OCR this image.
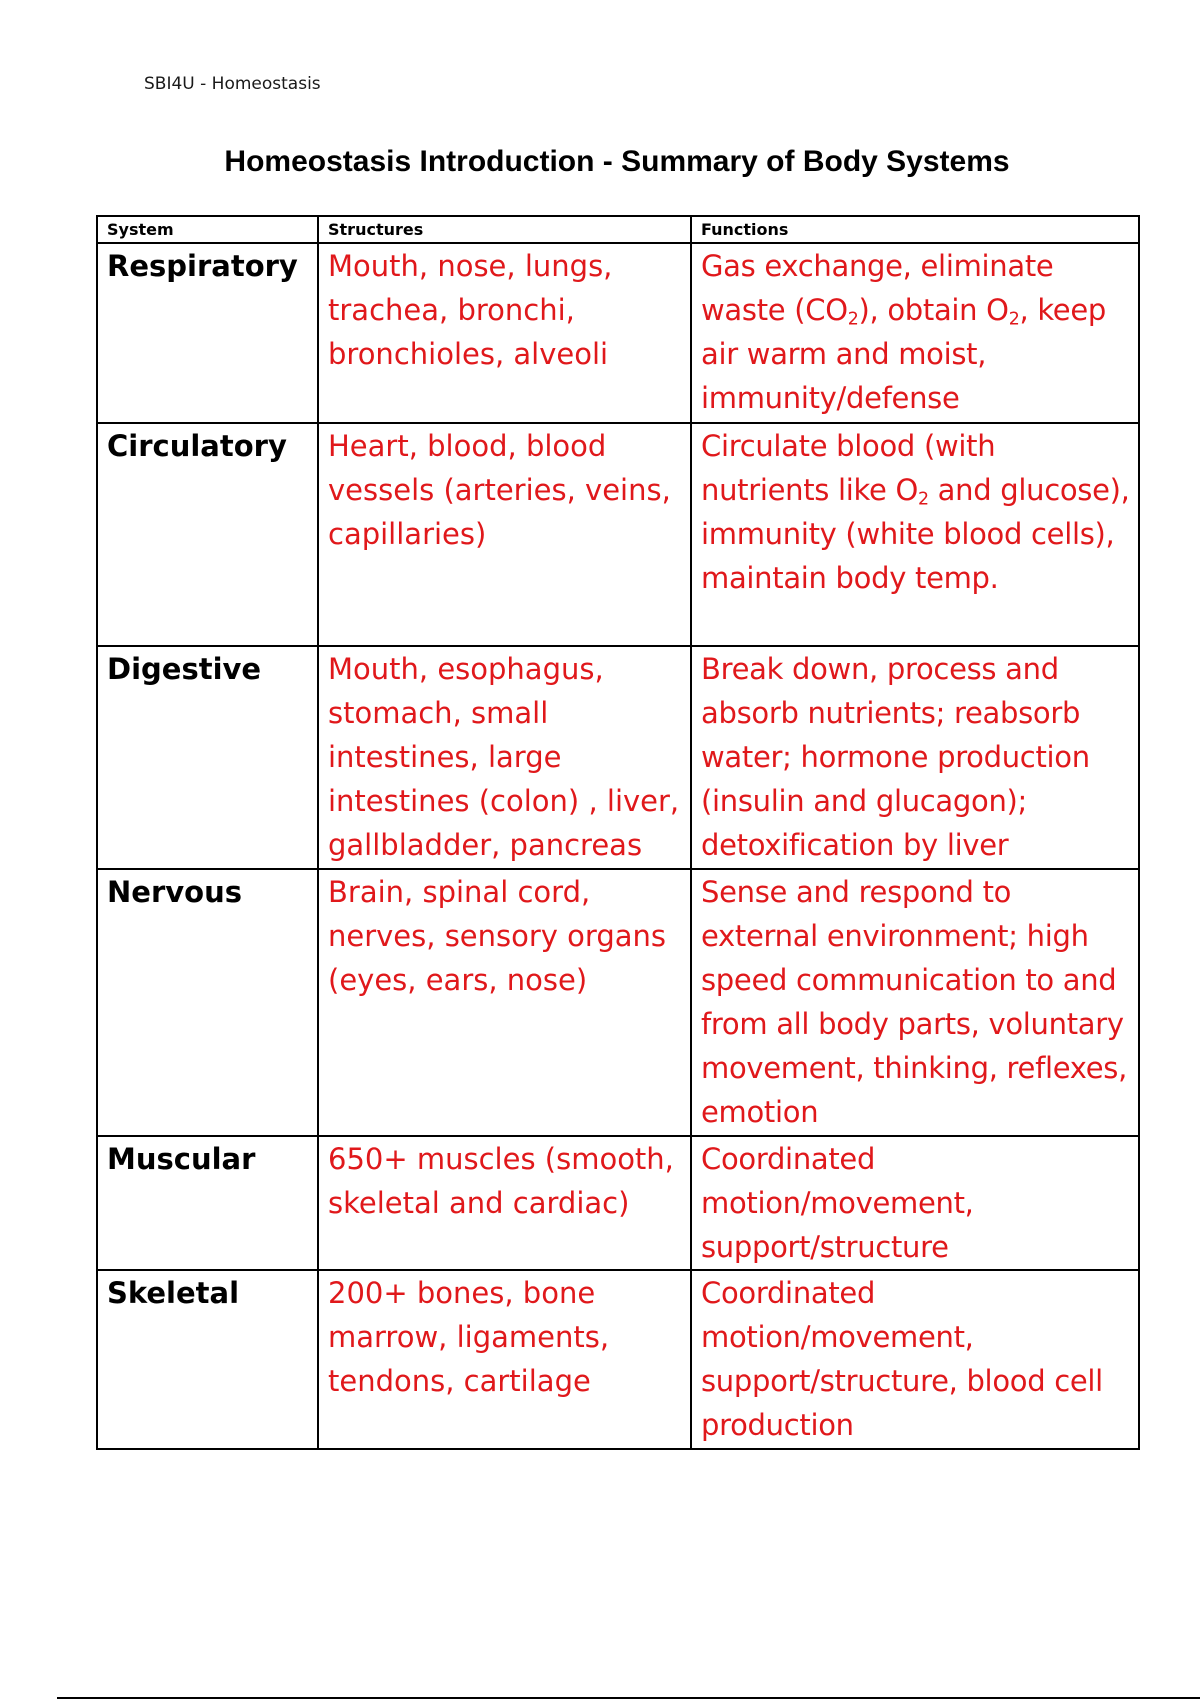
SBI4U - Homeostasis
Homeostasis Introduction - Summary of Body Systems
System	Structures	Functions
Respiratory	Mouth, nose, lungs, trachea, bronchi, bronchioles, alveoli	Gas exchange, eliminate waste $(CO_2)$, obtain $O_2$, keep air warm and moist, immunity/defense
Circulatory	Heart, blood, blood vessels (arteries, veins, capillaries)	Circulate blood (with nutrients like $O_2$ and glucose), immunity (white blood cells), maintain body temp.
Digestive	Mouth, esophagus, stomach, small intestines, large intestines (colon) , liver, gallbladder, pancreas	Break down, process and absorb nutrients; reabsorb water; hormone production (insulin and glucagon); detoxification by liver
Nervous	Brain, spinal cord, nerves, sensory organs (eyes, ears, nose)	Sense and respond to external environment; high speed communication to and from all body parts, voluntary movement, thinking, reflexes, emotion
Muscular	650+ muscles (smooth, skeletal and cardiac)	Coordinated motion/movement, support/structure
Skeletal	200+ bones, bone marrow, ligaments, tendons, cartilage	Coordinated motion/movement, support/structure, blood cell production
